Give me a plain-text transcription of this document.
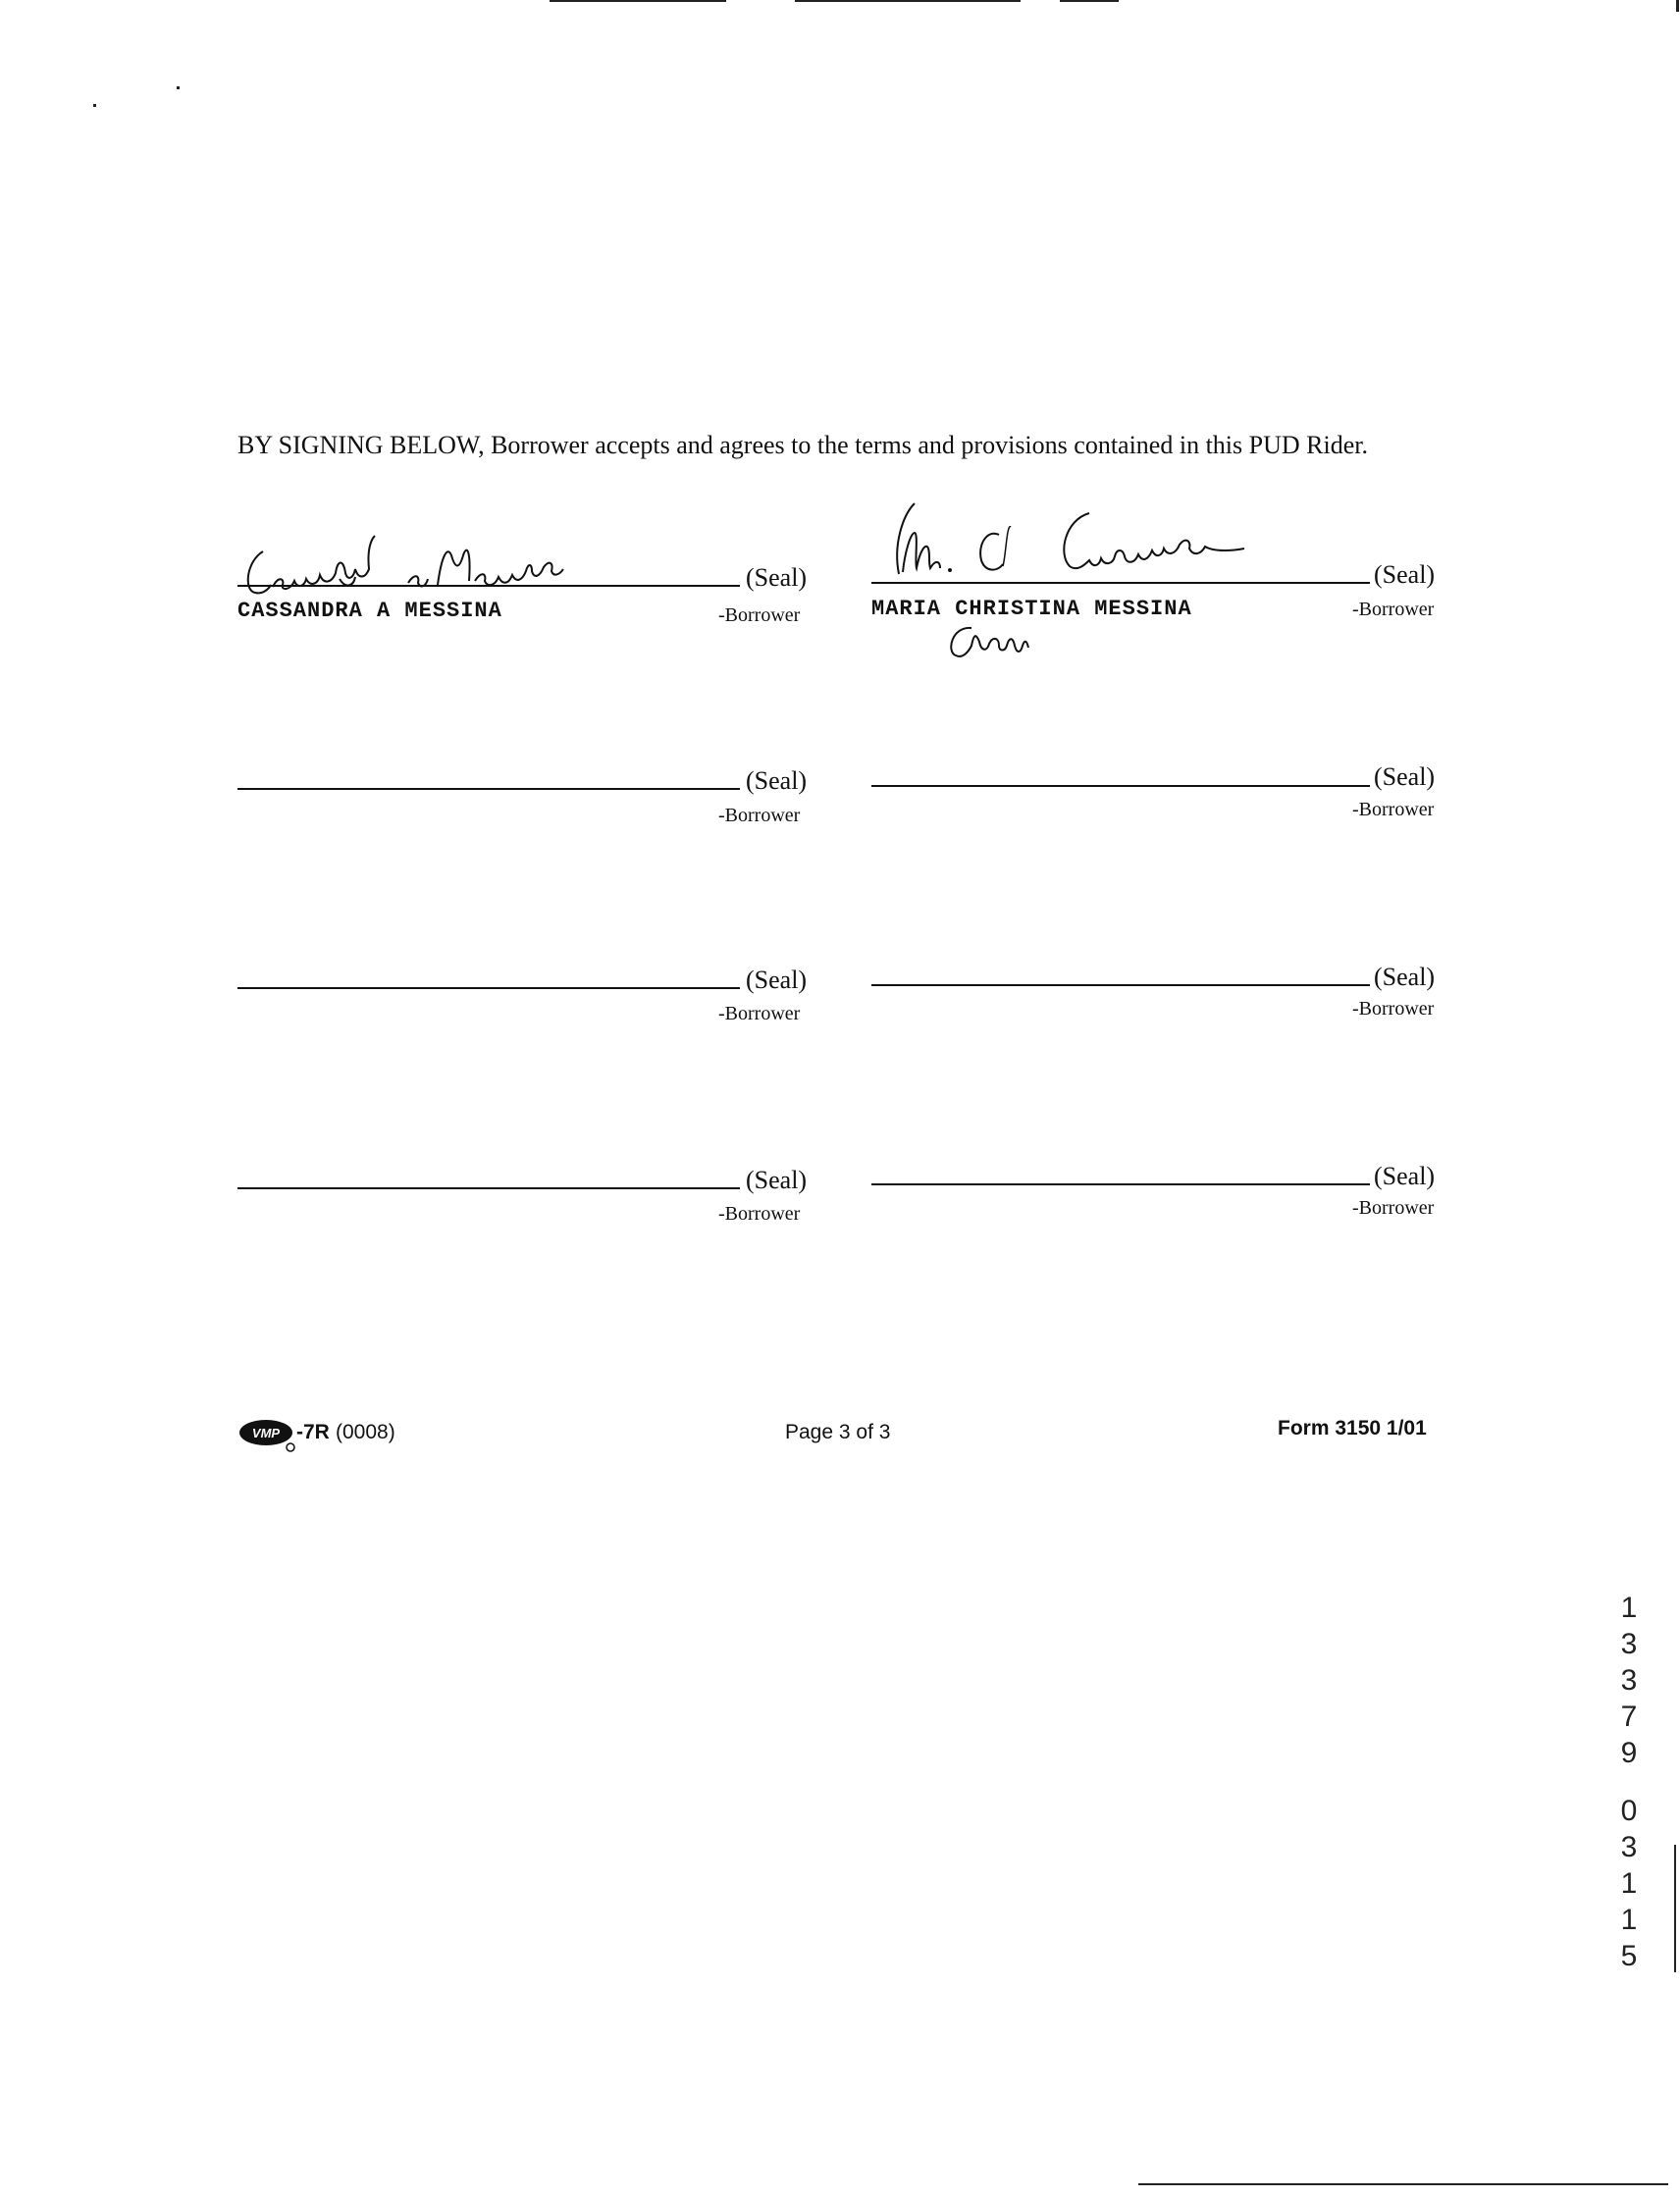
BY SIGNING BELOW, Borrower accepts and agrees to the terms and provisions contained in this PUD Rider.
(Seal)
CASSANDRA A MESSINA	-Borrower
(Seal)
MARIA CHRISTINA MESSINA	-Borrower
(Seal)
-Borrower
(Seal)
-Borrower
(Seal)
-Borrower
(Seal)
-Borrower
(Seal)
-Borrower
(Seal)
-Borrower
VMP -7R (0008)	Page 3 of 3	Form 3150 1/01
1
3
3
7
9
0
3
1
1
5
